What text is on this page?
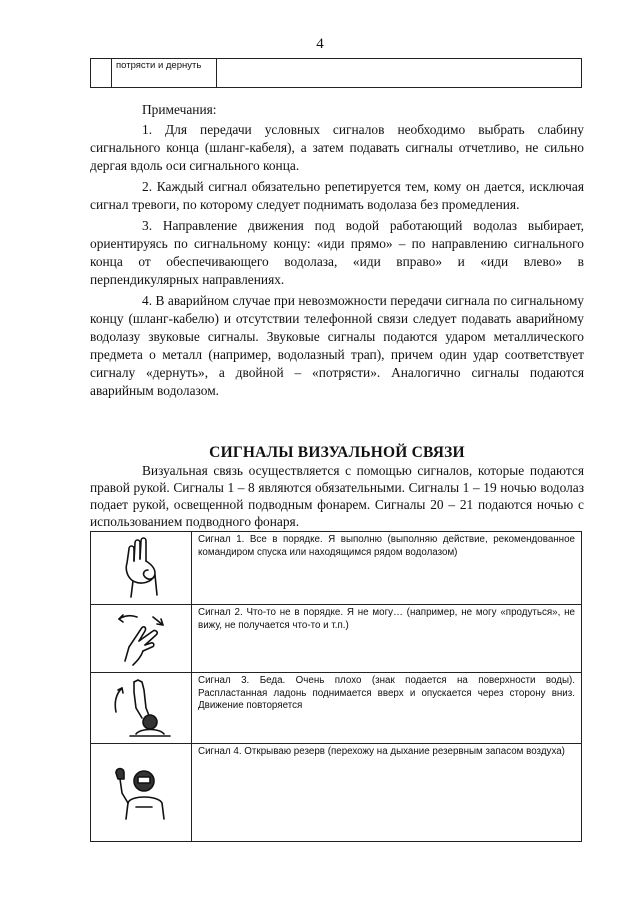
4
	потрясти и дернуть	

Примечания:

1. Для передачи условных сигналов необходимо выбрать слабину сигнального конца (шланг-кабеля), а затем подавать сигналы отчетливо, не сильно дергая вдоль оси сигнального конца.

2. Каждый сигнал обязательно репетируется тем, кому он дается, исключая сигнал тревоги, по которому следует поднимать водолаза без промедления.

3. Направление движения под водой работающий водолаз выбирает, ориентируясь по сигнальному концу: «иди прямо» – по направлению сигнального конца от обеспечивающего водолаза, «иди вправо» и «иди влево» в перпендикулярных направлениях.

4. В аварийном случае при невозможности передачи сигнала по сигнальному концу (шланг-кабелю) и отсутствии телефонной связи следует подавать аварийному водолазу звуковые сигналы. Звуковые сигналы подаются ударом металлического предмета о металл (например, водолазный трап), причем один удар соответствует сигналу «дернуть», а двойной – «потрясти». Аналогично сигналы подаются аварийным водолазом.

СИГНАЛЫ ВИЗУАЛЬНОЙ СВЯЗИ

Визуальная связь осуществляется с помощью сигналов, которые подаются правой рукой. Сигналы 1 – 8 являются обязательными. Сигналы 1 – 19 ночью водолаз подает рукой, освещенной подводным фонарем. Сигналы 20 – 21 подаются ночью с использованием подводного фонаря.

	Сигнал 1. Все в порядке. Я выполню (выполняю действие, рекомендованное командиром спуска или находящимся рядом водолазом)

	Сигнал 2. Что-то не в порядке. Я не могу… (например, не могу «продуться», не вижу, не получается что-то и т.п.)

	Сигнал 3. Беда. Очень плохо (знак подается на поверхности воды). Распластанная ладонь поднимается вверх и опускается через сторону вниз. Движение повторяется

	Сигнал 4. Открываю резерв (перехожу на дыхание резервным запасом воздуха)
